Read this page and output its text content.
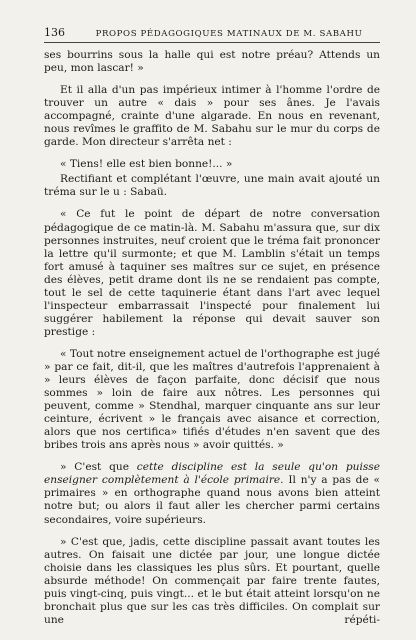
136	PROPOS PÉDAGOGIQUES MATINAUX DE M. SABAHU

ses bourrins sous la halle qui est notre préau? Attends un peu, mon lascar! »

Et il alla d'un pas impérieux intimer à l'homme l'ordre de trouver un autre « dais » pour ses ânes. Je l'avais accompagné, crainte d'une algarade. En nous en revenant, nous revîmes le graffito de M. Sabahu sur le mur du corps de garde. Mon directeur s'arrêta net :

« Tiens! elle est bien bonne!... »

Rectifiant et complétant l'œuvre, une main avait ajouté un tréma sur le u : Sabaü.

« Ce fut le point de départ de notre conversation pédagogique de ce matin-là. M. Sabahu m'assura que, sur dix personnes instruites, neuf croient que le tréma fait prononcer la lettre qu'il surmonte; et que M. Lamblin s'était un temps fort amusé à taquiner ses maîtres sur ce sujet, en présence des élèves, petit drame dont ils ne se rendaient pas compte, tout le sel de cette taquinerie étant dans l'art avec lequel l'inspecteur embarrassait l'inspecté pour finalement lui suggérer habilement la réponse qui devait sauver son prestige :

« Tout notre enseignement actuel de l'orthographe est jugé » par ce fait, dit-il, que les maîtres d'autrefois l'apprenaient à » leurs élèves de façon parfaite, donc décisif que nous sommes » loin de faire aux nôtres. Les personnes qui peuvent, comme » Stendhal, marquer cinquante ans sur leur ceinture, écrivent » le français avec aisance et correction, alors que nos certifica» tifiés d'études n'en savent que des bribes trois ans après nous » avoir quittés. »

» C'est que cette discipline est la seule qu'on puisse enseigner complètement à l'école primaire. Il n'y a pas de « primaires » en orthographe quand nous avons bien atteint notre but; ou alors il faut aller les chercher parmi certains secondaires, voire supérieurs.

» C'est que, jadis, cette discipline passait avant toutes les autres. On faisait une dictée par jour, une longue dictée choisie dans les classiques les plus sûrs. Et pourtant, quelle absurde méthode! On commençait par faire trente fautes, puis vingt-cinq, puis vingt... et le but était atteint lorsqu'on ne bronchait plus que sur les cas très difficiles. On complait sur une répéti-
